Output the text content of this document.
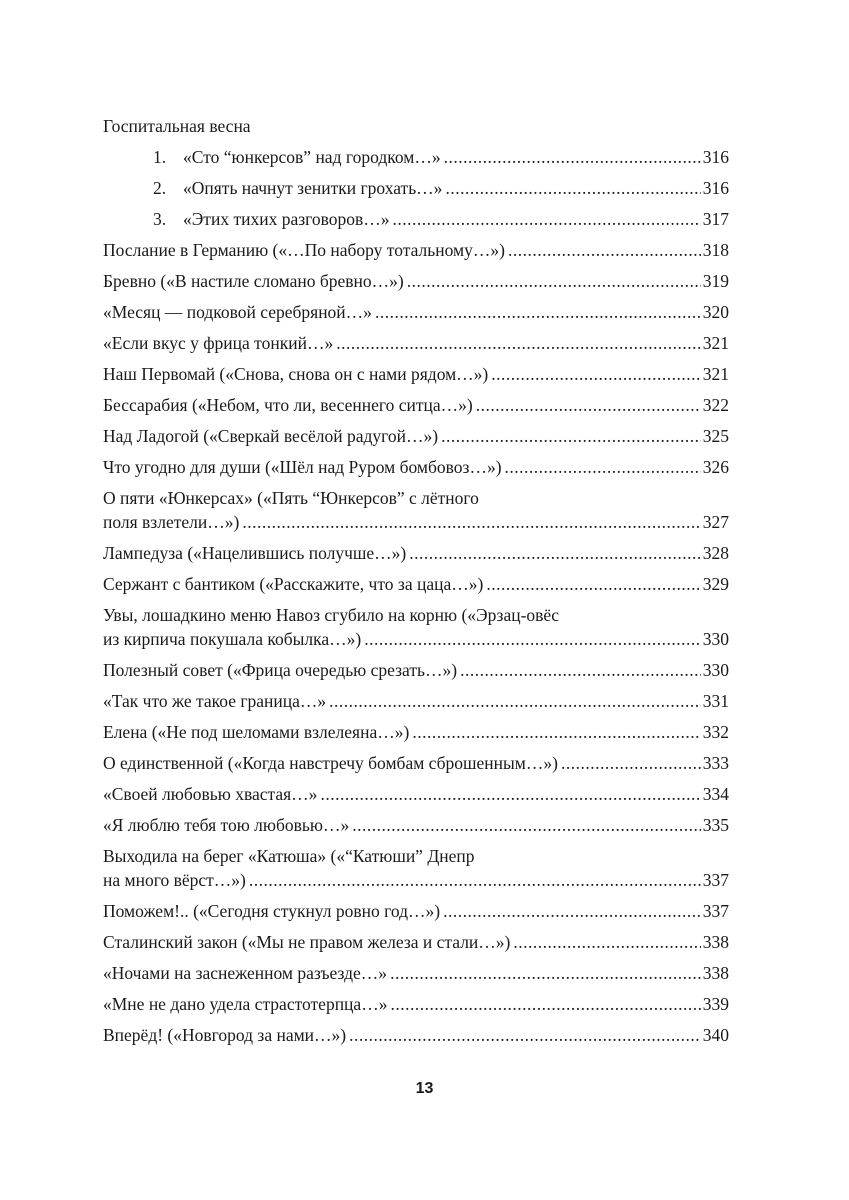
Госпитальная весна
1. «Сто “юнкерсов” над городком…» .....	316
2. «Опять начнут зенитки грохать…» .....	316
3. «Этих тихих разговоров…» .....	317
Послание в Германию («…По набору тотальному…») .....	318
Бревно («В настиле сломано бревно…») .....	319
«Месяц — подковой серебряной…» .....	320
«Если вкус у фрица тонкий…» .....	321
Наш Первомай («Снова, снова он с нами рядом…») .....	321
Бессарабия («Небом, что ли, весеннего ситца…») .....	322
Над Ладогой («Сверкай весёлой радугой…») .....	325
Что угодно для души («Шёл над Руром бомбовоз…») .....	326
О пяти «Юнкерсах» («Пять “Юнкерсов” с лётного
поля взлетели…») .....	327
Лампедуза («Нацелившись получше…») .....	328
Сержант с бантиком («Расскажите, что за цаца…») .....	329
Увы, лошадкино меню Навоз сгубило на корню («Эрзац-овёс
из кирпича покушала кобылка…») .....	330
Полезный совет («Фрица очередью срезать…») .....	330
«Так что же такое граница…» .....	331
Елена («Не под шеломами взлелеяна…») .....	332
О единственной («Когда навстречу бомбам сброшенным…») .....	333
«Своей любовью хвастая…» .....	334
«Я люблю тебя тою любовью…» .....	335
Выходила на берег «Катюша» («“Катюши” Днепр
на много вёрст…») .....	337
Поможем!.. («Сегодня стукнул ровно год…») .....	337
Сталинский закон («Мы не правом железа и стали…») .....	338
«Ночами на заснеженном разъезде…» .....	338
«Мне не дано удела страстотерпца…» .....	339
Вперёд! («Новгород за нами…») .....	340
13
